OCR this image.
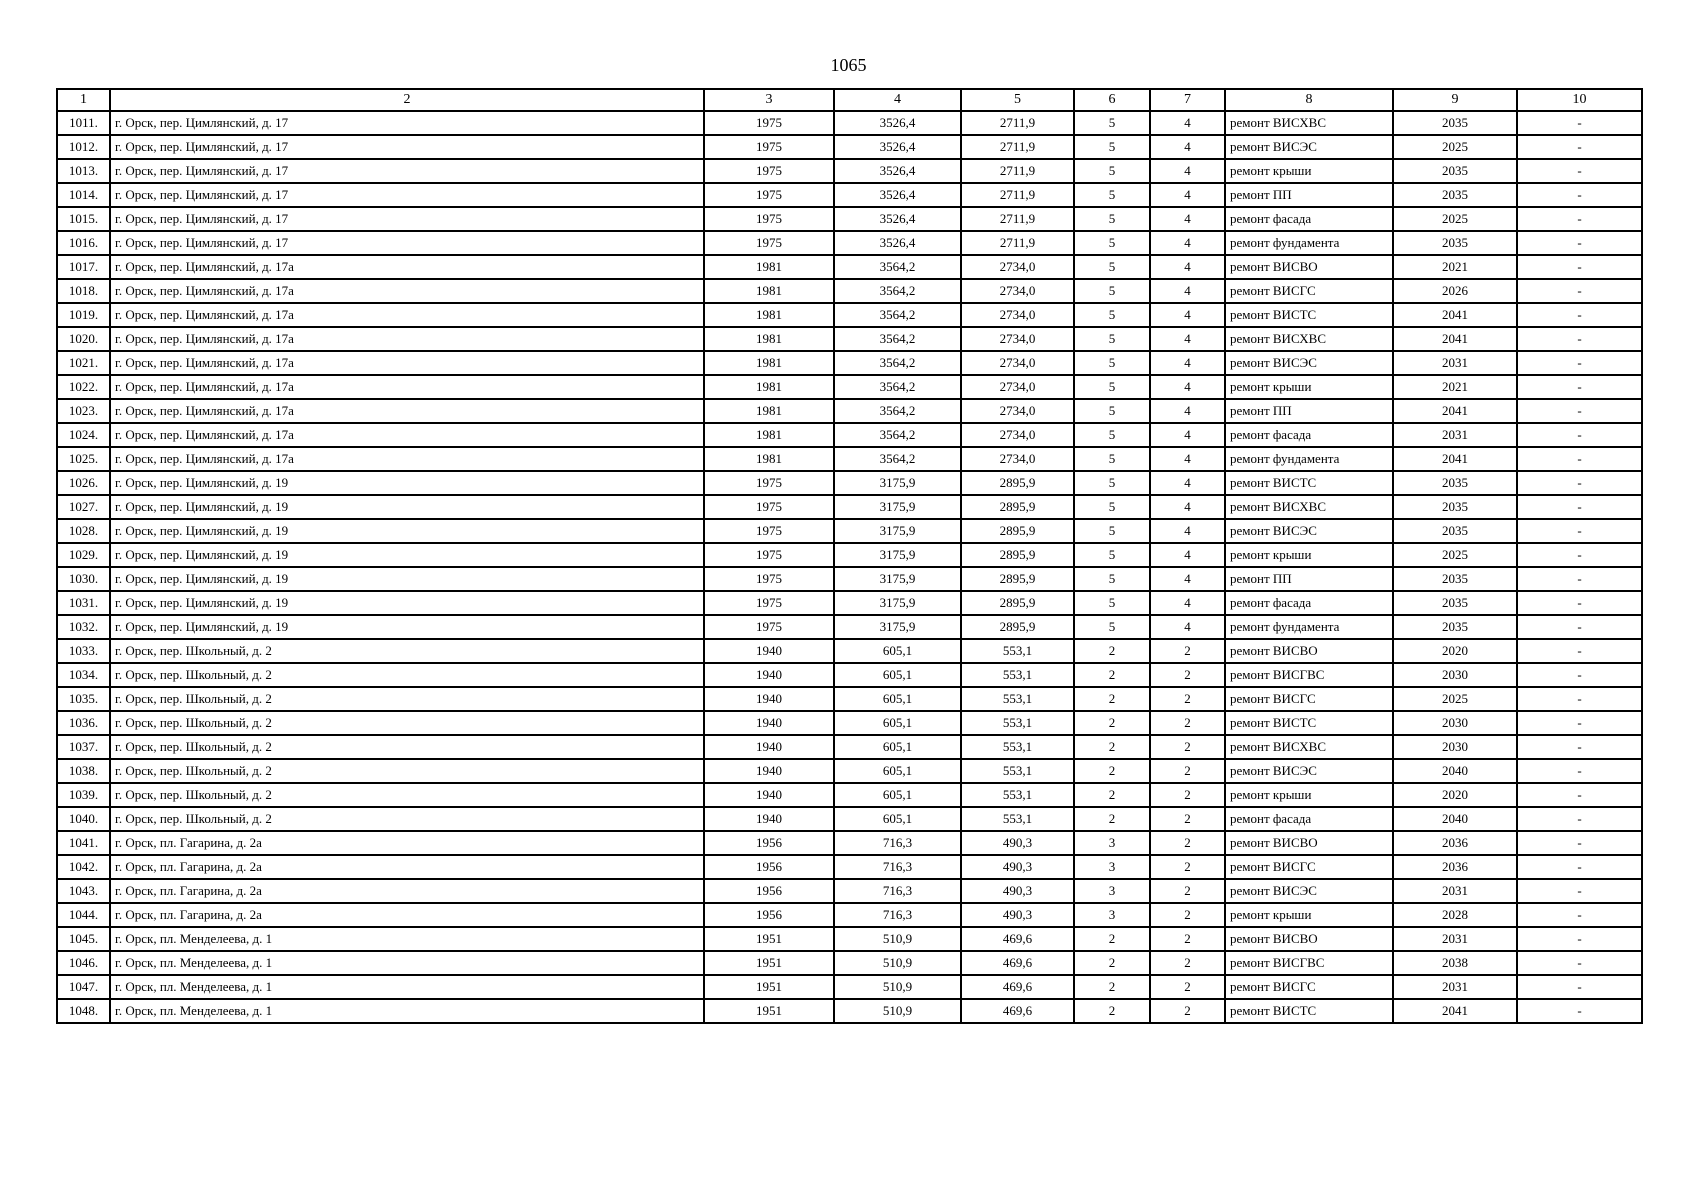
1065
1	2	3	4	5	6	7	8	9	10
1011.	г. Орск, пер. Цимлянский, д. 17	1975	3526,4	2711,9	5	4	ремонт ВИСХВС	2035	-
1012.	г. Орск, пер. Цимлянский, д. 17	1975	3526,4	2711,9	5	4	ремонт ВИСЭС	2025	-
1013.	г. Орск, пер. Цимлянский, д. 17	1975	3526,4	2711,9	5	4	ремонт крыши	2035	-
1014.	г. Орск, пер. Цимлянский, д. 17	1975	3526,4	2711,9	5	4	ремонт ПП	2035	-
1015.	г. Орск, пер. Цимлянский, д. 17	1975	3526,4	2711,9	5	4	ремонт фасада	2025	-
1016.	г. Орск, пер. Цимлянский, д. 17	1975	3526,4	2711,9	5	4	ремонт фундамента	2035	-
1017.	г. Орск, пер. Цимлянский, д. 17а	1981	3564,2	2734,0	5	4	ремонт ВИСВО	2021	-
1018.	г. Орск, пер. Цимлянский, д. 17а	1981	3564,2	2734,0	5	4	ремонт ВИСГС	2026	-
1019.	г. Орск, пер. Цимлянский, д. 17а	1981	3564,2	2734,0	5	4	ремонт ВИСТС	2041	-
1020.	г. Орск, пер. Цимлянский, д. 17а	1981	3564,2	2734,0	5	4	ремонт ВИСХВС	2041	-
1021.	г. Орск, пер. Цимлянский, д. 17а	1981	3564,2	2734,0	5	4	ремонт ВИСЭС	2031	-
1022.	г. Орск, пер. Цимлянский, д. 17а	1981	3564,2	2734,0	5	4	ремонт крыши	2021	-
1023.	г. Орск, пер. Цимлянский, д. 17а	1981	3564,2	2734,0	5	4	ремонт ПП	2041	-
1024.	г. Орск, пер. Цимлянский, д. 17а	1981	3564,2	2734,0	5	4	ремонт фасада	2031	-
1025.	г. Орск, пер. Цимлянский, д. 17а	1981	3564,2	2734,0	5	4	ремонт фундамента	2041	-
1026.	г. Орск, пер. Цимлянский, д. 19	1975	3175,9	2895,9	5	4	ремонт ВИСТС	2035	-
1027.	г. Орск, пер. Цимлянский, д. 19	1975	3175,9	2895,9	5	4	ремонт ВИСХВС	2035	-
1028.	г. Орск, пер. Цимлянский, д. 19	1975	3175,9	2895,9	5	4	ремонт ВИСЭС	2035	-
1029.	г. Орск, пер. Цимлянский, д. 19	1975	3175,9	2895,9	5	4	ремонт крыши	2025	-
1030.	г. Орск, пер. Цимлянский, д. 19	1975	3175,9	2895,9	5	4	ремонт ПП	2035	-
1031.	г. Орск, пер. Цимлянский, д. 19	1975	3175,9	2895,9	5	4	ремонт фасада	2035	-
1032.	г. Орск, пер. Цимлянский, д. 19	1975	3175,9	2895,9	5	4	ремонт фундамента	2035	-
1033.	г. Орск, пер. Школьный, д. 2	1940	605,1	553,1	2	2	ремонт ВИСВО	2020	-
1034.	г. Орск, пер. Школьный, д. 2	1940	605,1	553,1	2	2	ремонт ВИСГВС	2030	-
1035.	г. Орск, пер. Школьный, д. 2	1940	605,1	553,1	2	2	ремонт ВИСГС	2025	-
1036.	г. Орск, пер. Школьный, д. 2	1940	605,1	553,1	2	2	ремонт ВИСТС	2030	-
1037.	г. Орск, пер. Школьный, д. 2	1940	605,1	553,1	2	2	ремонт ВИСХВС	2030	-
1038.	г. Орск, пер. Школьный, д. 2	1940	605,1	553,1	2	2	ремонт ВИСЭС	2040	-
1039.	г. Орск, пер. Школьный, д. 2	1940	605,1	553,1	2	2	ремонт крыши	2020	-
1040.	г. Орск, пер. Школьный, д. 2	1940	605,1	553,1	2	2	ремонт фасада	2040	-
1041.	г. Орск, пл. Гагарина, д. 2а	1956	716,3	490,3	3	2	ремонт ВИСВО	2036	-
1042.	г. Орск, пл. Гагарина, д. 2а	1956	716,3	490,3	3	2	ремонт ВИСГС	2036	-
1043.	г. Орск, пл. Гагарина, д. 2а	1956	716,3	490,3	3	2	ремонт ВИСЭС	2031	-
1044.	г. Орск, пл. Гагарина, д. 2а	1956	716,3	490,3	3	2	ремонт крыши	2028	-
1045.	г. Орск, пл. Менделеева, д. 1	1951	510,9	469,6	2	2	ремонт ВИСВО	2031	-
1046.	г. Орск, пл. Менделеева, д. 1	1951	510,9	469,6	2	2	ремонт ВИСГВС	2038	-
1047.	г. Орск, пл. Менделеева, д. 1	1951	510,9	469,6	2	2	ремонт ВИСГС	2031	-
1048.	г. Орск, пл. Менделеева, д. 1	1951	510,9	469,6	2	2	ремонт ВИСТС	2041	-
